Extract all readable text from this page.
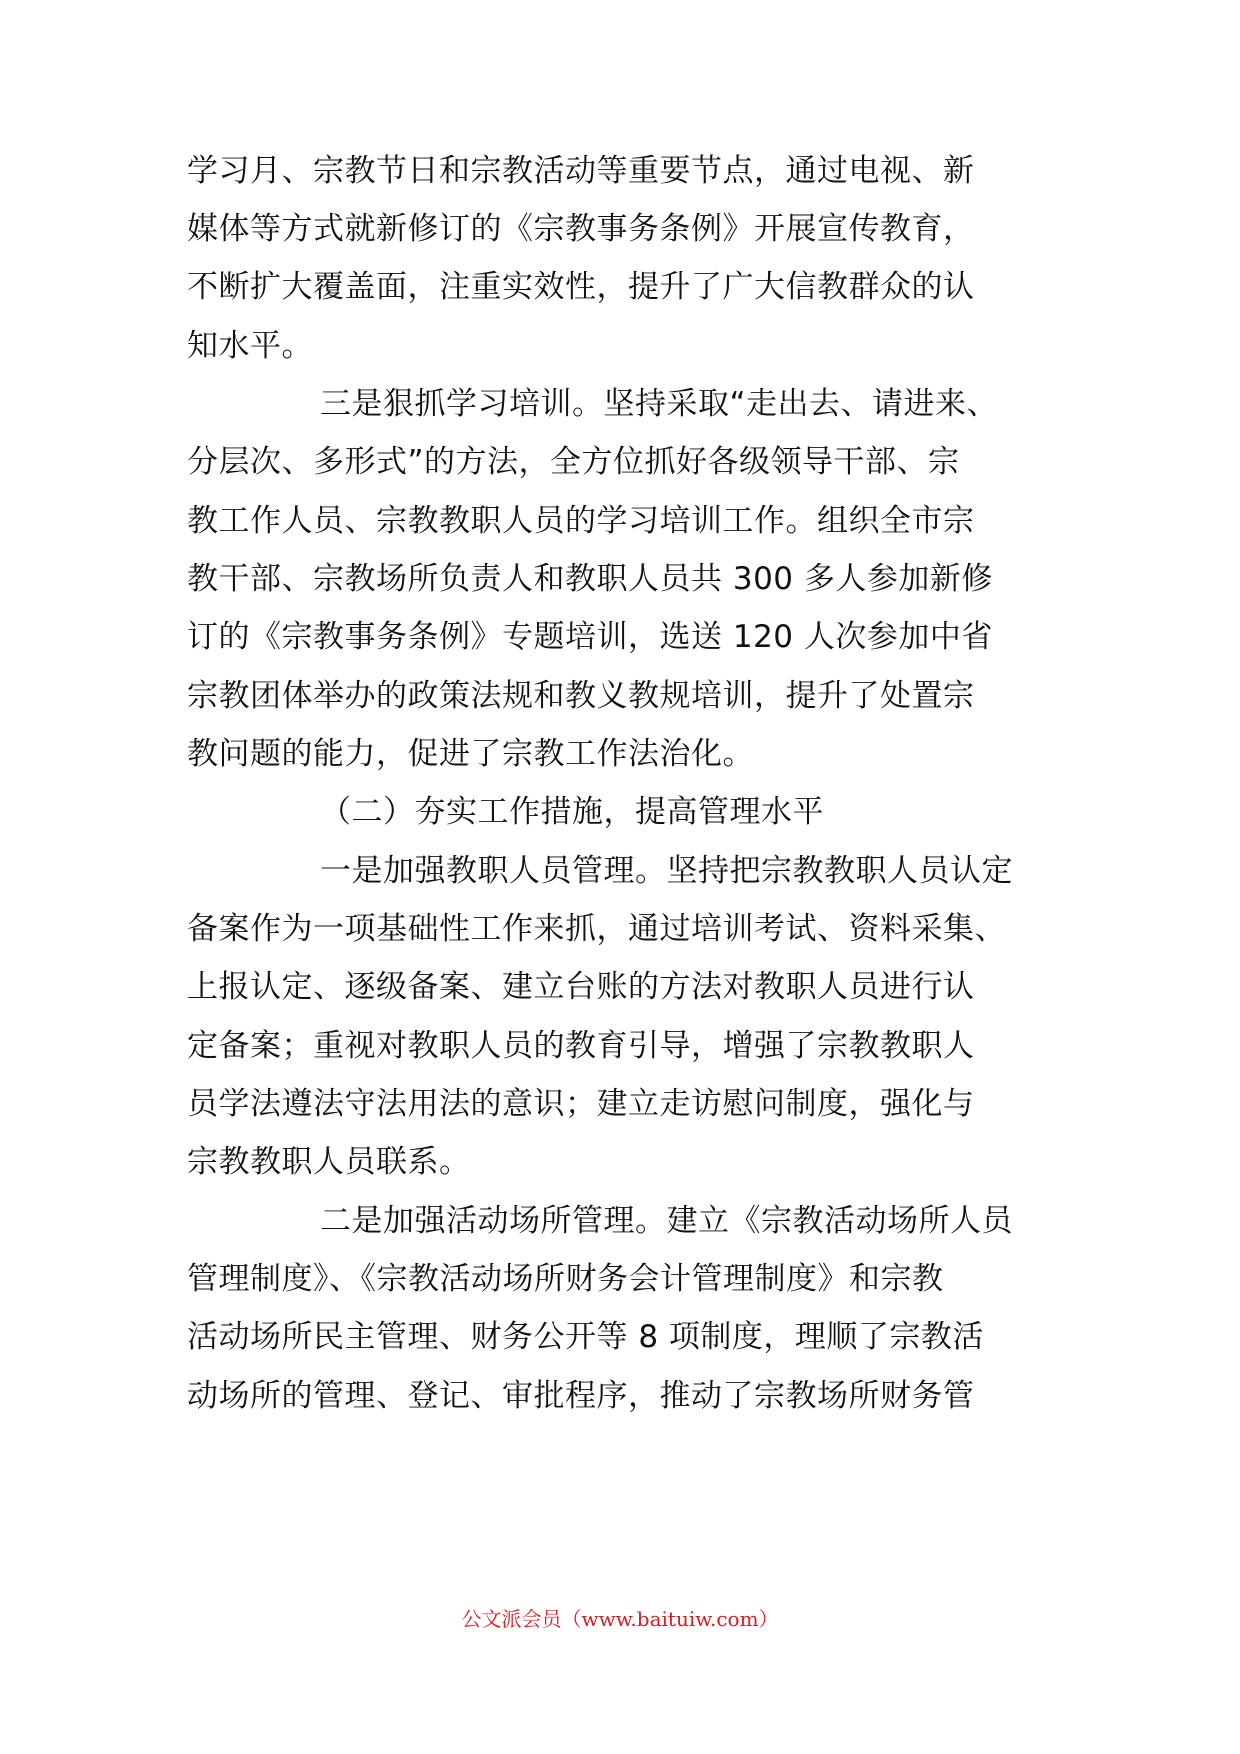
学习月、宗教节日和宗教活动等重要节点，通过电视、新
媒体等方式就新修订的《宗教事务条例》开展宣传教育，
不断扩大覆盖面，注重实效性，提升了广大信教群众的认
知水平。
三是狠抓学习培训。坚持采取“走出去、请进来、
分层次、多形式”的方法，全方位抓好各级领导干部、宗
教工作人员、宗教教职人员的学习培训工作。组织全市宗
教干部、宗教场所负责人和教职人员共 300 多人参加新修
订的《宗教事务条例》专题培训，选送 120 人次参加中省
宗教团体举办的政策法规和教义教规培训，提升了处置宗
教问题的能力，促进了宗教工作法治化。
（二）夯实工作措施，提高管理水平
一是加强教职人员管理。坚持把宗教教职人员认定
备案作为一项基础性工作来抓，通过培训考试、资料采集、
上报认定、逐级备案、建立台账的方法对教职人员进行认
定备案；重视对教职人员的教育引导，增强了宗教教职人
员学法遵法守法用法的意识；建立走访慰问制度，强化与
宗教教职人员联系。
二是加强活动场所管理。建立《宗教活动场所人员
管理制度》、《宗教活动场所财务会计管理制度》和宗教
活动场所民主管理、财务公开等 8 项制度，理顺了宗教活
动场所的管理、登记、审批程序，推动了宗教场所财务管
公文派会员（www.baituiw.com）
